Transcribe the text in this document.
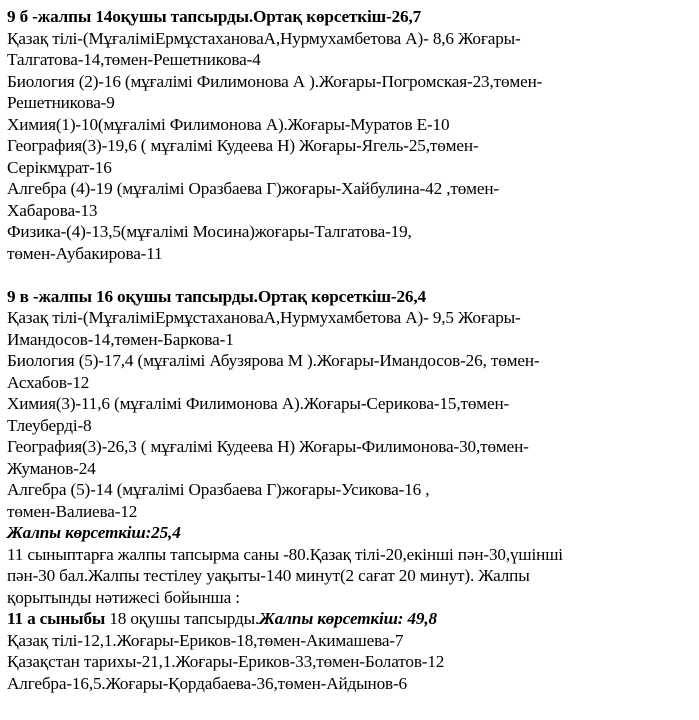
9 б -жалпы 14оқушы тапсырды.Ортақ көрсеткіш-26,7
Қазақ тілі-(МұғаліміЕрмұстахановаА,Нурмухамбетова А)- 8,6 Жоғары-
Талгатова-14,төмен-Решетникова-4
Биология (2)-16 (мұғалімі Филимонова А ).Жоғары-Погромская-23,төмен-
Решетникова-9
Химия(1)-10(мұғалімі Филимонова А).Жоғары-Муратов Е-10
География(3)-19,6 ( мұғалімі Кудеева Н) Жоғары-Ягель-25,төмен-
Серікмұрат-16
Алгебра (4)-19 (мұғалімі Оразбаева Г)жоғары-Хайбулина-42 ,төмен-
Хабарова-13
Физика-(4)-13,5(мұғалімі Мосина)жоғары-Талгатова-19,
төмен-Аубакирова-11
9 в -жалпы 16 оқушы тапсырды.Ортақ көрсеткіш-26,4
Қазақ тілі-(МұғаліміЕрмұстахановаА,Нурмухамбетова А)- 9,5 Жоғары-
Имандосов-14,төмен-Баркова-1
Биология (5)-17,4 (мұғалімі Абузярова М ).Жоғары-Имандосов-26, төмен-
Асхабов-12
Химия(3)-11,6 (мұғалімі Филимонова А).Жоғары-Серикова-15,төмен-
Тлеуберді-8
География(3)-26,3 ( мұғалімі Кудеева Н) Жоғары-Филимонова-30,төмен-
Жуманов-24
Алгебра (5)-14 (мұғалімі Оразбаева Г)жоғары-Усикова-16 ,
төмен-Валиева-12
Жалпы көрсеткіш:25,4
11 сыныптарға жалпы тапсырма саны -80.Қазақ тілі-20,екінші пән-30,үшінші
пән-30 бал.Жалпы тестілеу уақыты-140 минут(2 сағат 20 минут). Жалпы
қорытынды нәтижесі бойынша :
11 а сыныбы 18 оқушы тапсырды.Жалпы көрсеткіш: 49,8
Қазақ тілі-12,1.Жоғары-Ериков-18,төмен-Акимашева-7
Қазақстан тарихы-21,1.Жоғары-Ериков-33,төмен-Болатов-12
Алгебра-16,5.Жоғары-Қордабаева-36,төмен-Айдынов-6
